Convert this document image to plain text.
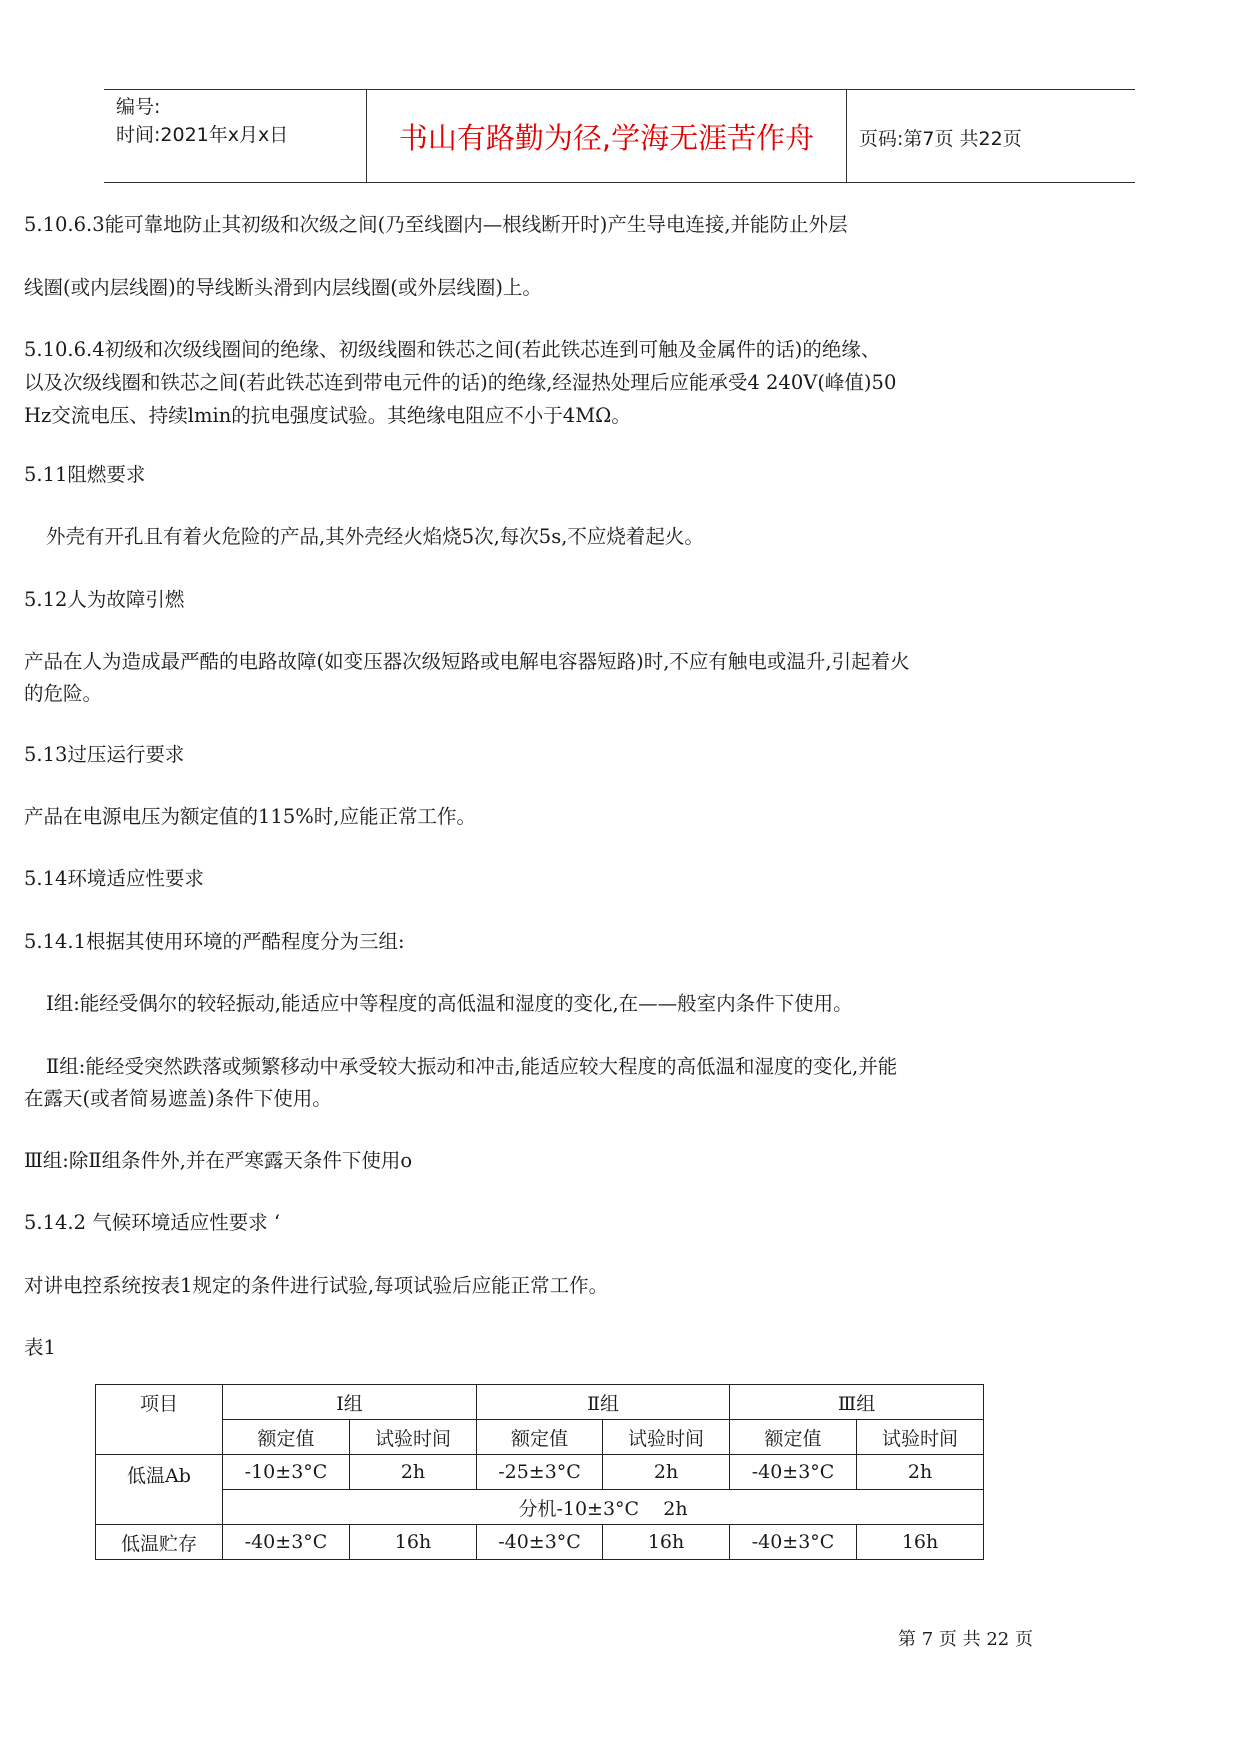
编号:
时间:2021年x月x日	书山有路勤为径,学海无涯苦作舟	页码:第7页 共22页
5.10.6.3能可靠地防止其初级和次级之间(乃至线圈内—根线断开时)产生导电连接,并能防止外层
线圈(或内层线圈)的导线断头滑到内层线圈(或外层线圈)上。
5.10.6.4初级和次级线圈间的绝缘、初级线圈和铁芯之间(若此铁芯连到可触及金属件的话)的绝缘、
以及次级线圈和铁芯之间(若此铁芯连到带电元件的话)的绝缘,经湿热处理后应能承受4 240V(峰值)50
Hz交流电压、持续lmin的抗电强度试验。其绝缘电阻应不小于4MΩ。
5.11阻燃要求
外壳有开孔且有着火危险的产品,其外壳经火焰烧5次,每次5s,不应烧着起火。
5.12人为故障引燃
产品在人为造成最严酷的电路故障(如变压器次级短路或电解电容器短路)时,不应有触电或温升,引起着火
的危险。
5.13过压运行要求
产品在电源电压为额定值的115%时,应能正常工作。
5.14环境适应性要求
5.14.1根据其使用环境的严酷程度分为三组:
Ⅰ组:能经受偶尔的较轻振动,能适应中等程度的高低温和湿度的变化,在——般室内条件下使用。
Ⅱ组:能经受突然跌落或频繁移动中承受较大振动和冲击,能适应较大程度的高低温和湿度的变化,并能
在露天(或者简易遮盖)条件下使用。
Ⅲ组:除Ⅱ组条件外,并在严寒露天条件下使用o
5.14.2 气候环境适应性要求 ‘
对讲电控系统按表1规定的条件进行试验,每项试验后应能正常工作。
表1
项目	Ⅰ组		Ⅱ组		Ⅲ组	
	额定值	试验时间	额定值	试验时间	额定值	试验时间
低温Ab	-10±3°C	2h	-25±3°C	2h	-40±3°C	2h
	分机-10±3°C    2h					
低温贮存	-40±3°C	16h	-40±3°C	16h	-40±3°C	16h
第 7 页 共 22 页
